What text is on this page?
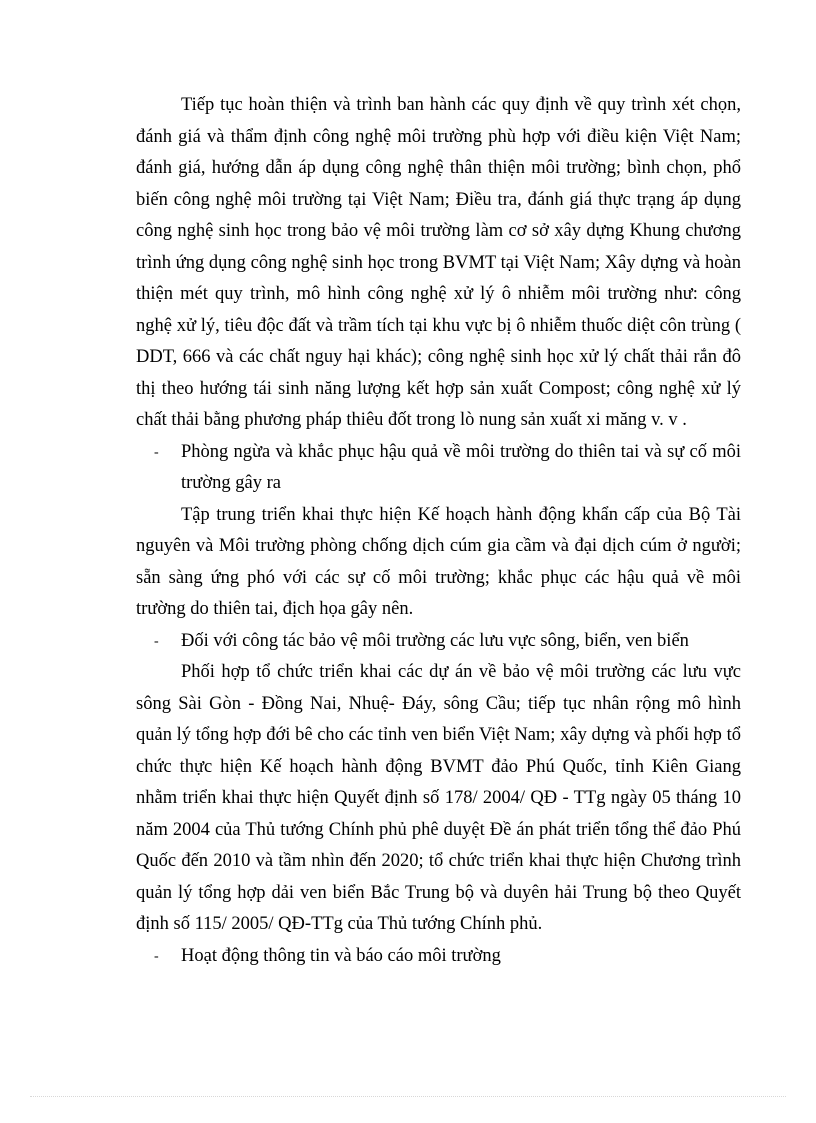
Tiếp tục hoàn thiện và trình ban hành các quy định về quy trình xét chọn, đánh giá và thẩm định công nghệ môi trường phù hợp với điều kiện Việt Nam; đánh giá, hướng dẫn áp dụng công nghệ thân thiện môi trường; bình chọn, phổ biến công nghệ môi trường tại Việt Nam; Điều tra, đánh giá thực trạng áp dụng công nghệ sinh học trong bảo vệ môi trường làm cơ sở xây dựng Khung chương trình ứng dụng công nghệ sinh học trong BVMT tại Việt Nam; Xây dựng và hoàn thiện mét quy trình, mô hình công nghệ xử lý ô nhiễm môi trường như: công nghệ xử lý, tiêu độc đất và trầm tích tại khu vực bị ô nhiễm thuốc diệt côn trùng ( DDT, 666 và các chất nguy hại khác); công nghệ sinh học xử lý chất thải rắn đô thị theo hướng tái sinh năng lượng kết hợp sản xuất Compost; công nghệ xử lý chất thải bằng phương pháp thiêu đốt trong lò nung sản xuất xi măng v. v .

- Phòng ngừa và khắc phục hậu quả về môi trường do thiên tai và sự cố môi trường gây ra

Tập trung triển khai thực hiện Kế hoạch hành động khẩn cấp của Bộ Tài nguyên và Môi trường phòng chống dịch cúm gia cầm và đại dịch cúm ở người; sẵn sàng ứng phó với các sự cố môi trường; khắc phục các hậu quả về môi trường do thiên tai, địch họa gây nên.

- Đối với công tác bảo vệ môi trường các lưu vực sông, biển, ven biển

Phối hợp tổ chức triển khai các dự án về bảo vệ môi trường các lưu vực sông Sài Gòn - Đồng Nai, Nhuệ- Đáy, sông Cầu; tiếp tục nhân rộng mô hình quản lý tổng hợp đới bê cho các tỉnh ven biển Việt Nam; xây dựng và phối hợp tổ chức thực hiện Kế hoạch hành động BVMT đảo Phú Quốc, tỉnh Kiên Giang nhằm triển khai thực hiện Quyết định số 178/ 2004/ QĐ - TTg ngày 05 tháng 10 năm 2004 của Thủ tướng Chính phủ phê duyệt Đề án phát triển tổng thể đảo Phú Quốc đến 2010 và tầm nhìn đến 2020; tổ chức triển khai thực hiện Chương trình quản lý tổng hợp dải ven biển Bắc Trung bộ và duyên hải Trung bộ theo Quyết định số 115/ 2005/ QĐ-TTg của Thủ tướng Chính phủ.

- Hoạt động thông tin và báo cáo môi trường
